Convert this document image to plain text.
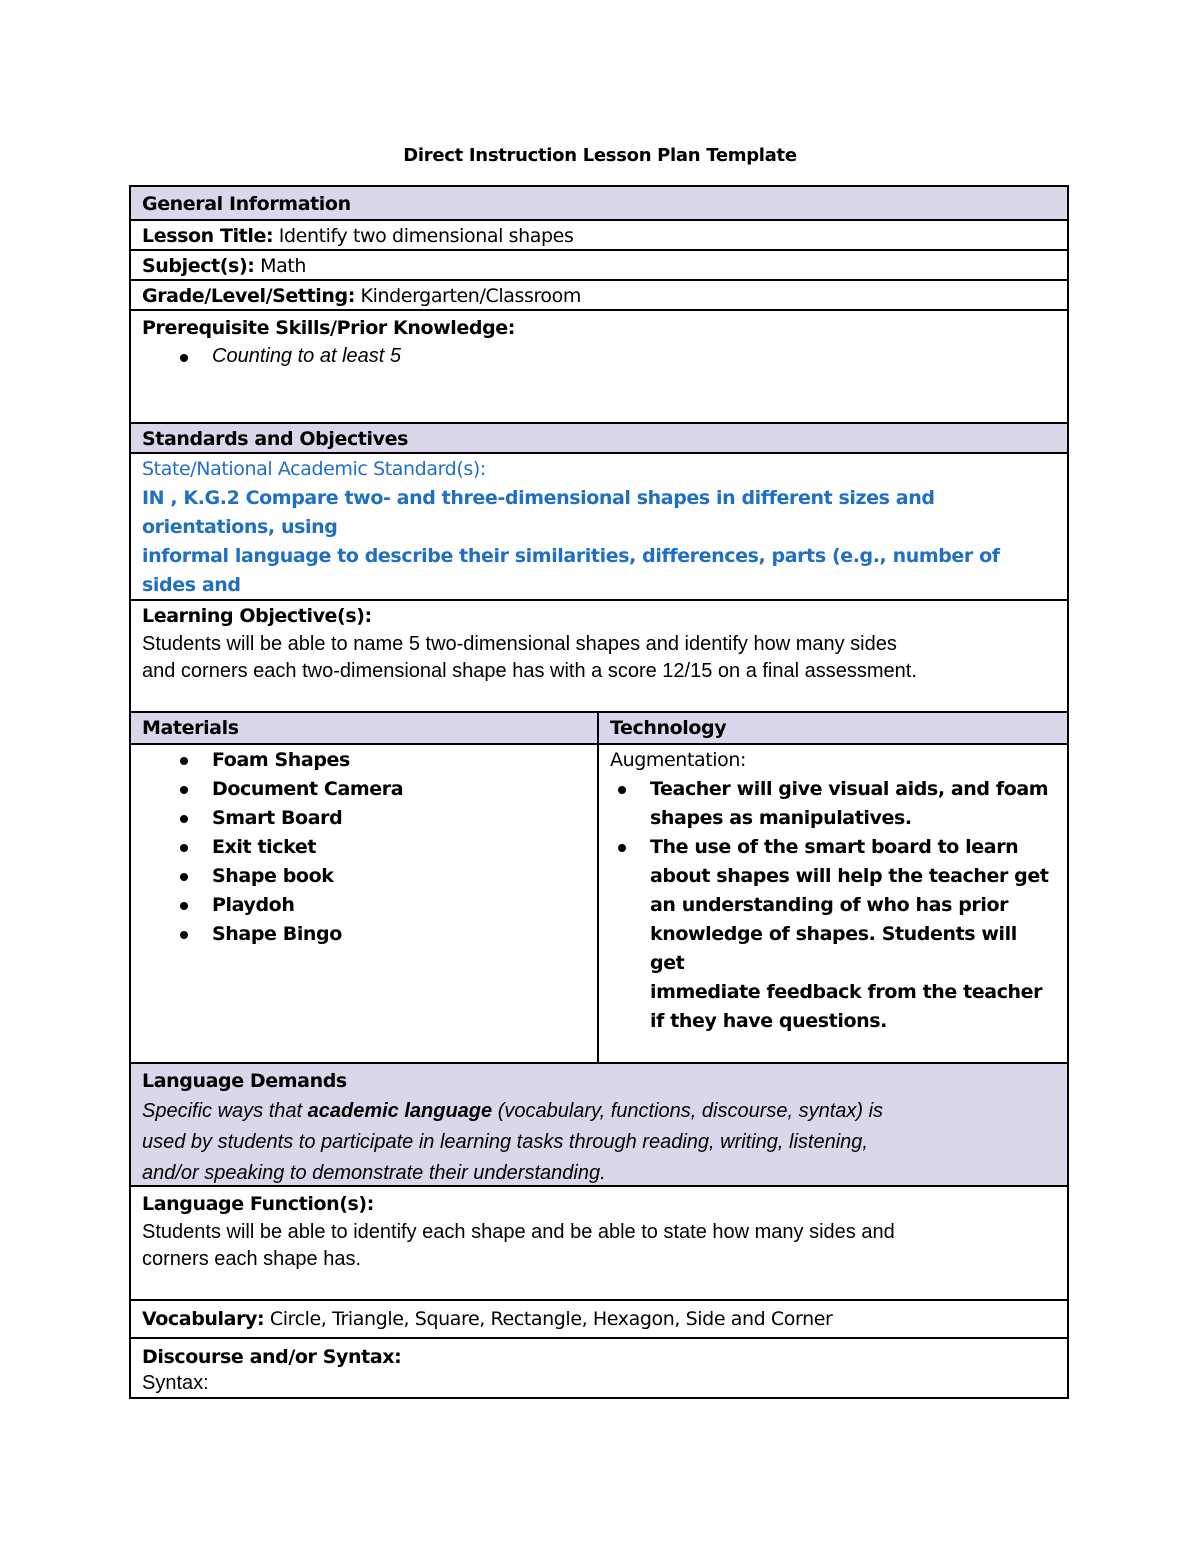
Direct Instruction Lesson Plan Template
General Information
Lesson Title: Identify two dimensional shapes
Subject(s): Math
Grade/Level/Setting: Kindergarten/Classroom
Prerequisite Skills/Prior Knowledge:
Counting to at least 5
Standards and Objectives
State/National Academic Standard(s):
IN , K.G.2 Compare two- and three-dimensional shapes in different sizes and orientations, using
informal language to describe their similarities, differences, parts (e.g., number of sides and
Learning Objective(s):
Students will be able to name 5 two-dimensional shapes and identify how many sides
and corners each two-dimensional shape has with a score 12/15 on a final assessment.
Materials	Technology
Foam Shapes
Document Camera
Smart Board
Exit ticket
Shape book
Playdoh
Shape Bingo
Augmentation:
Teacher will give visual aids, and foam
shapes as manipulatives.
The use of the smart board to learn
about shapes will help the teacher get
an understanding of who has prior
knowledge of shapes. Students will get
immediate feedback from the teacher
if they have questions.
Language Demands
Specific ways that academic language (vocabulary, functions, discourse, syntax) is
used by students to participate in learning tasks through reading, writing, listening,
and/or speaking to demonstrate their understanding.
Language Function(s):
Students will be able to identify each shape and be able to state how many sides and
corners each shape has.
Vocabulary: Circle, Triangle, Square, Rectangle, Hexagon, Side and Corner
Discourse and/or Syntax:
Syntax:
